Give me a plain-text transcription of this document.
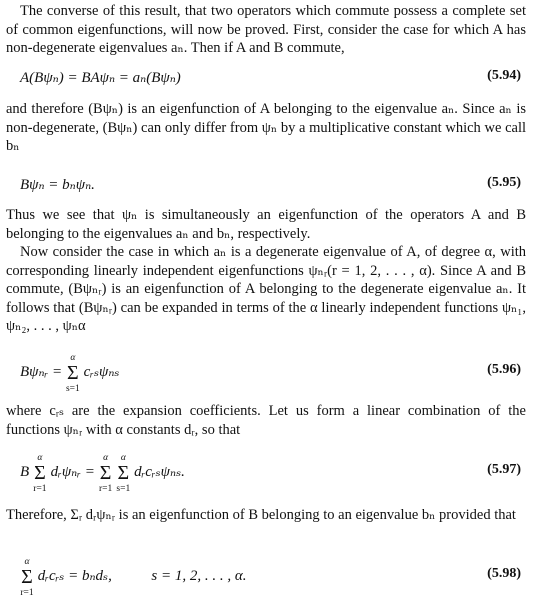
The converse of this result, that two operators which commute possess a complete set of common eigenfunctions, will now be proved. First, consider the case for which A has non-degenerate eigenvalues aₙ. Then if A and B commute,
A(Bψₙ) = BAψₙ = aₙ(Bψₙ)	(5.94)
and therefore (Bψₙ) is an eigenfunction of A belonging to the eigenvalue aₙ. Since aₙ is non-degenerate, (Bψₙ) can only differ from ψₙ by a multiplicative constant which we call bₙ
Bψₙ = bₙψₙ.	(5.95)
Thus we see that ψₙ is simultaneously an eigenfunction of the operators A and B belonging to the eigenvalues aₙ and bₙ, respectively.
Now consider the case in which aₙ is a degenerate eigenvalue of A, of degree α, with corresponding linearly independent eigenfunctions ψₙᵣ(r = 1, 2, . . . , α). Since A and B commute, (Bψₙᵣ) is an eigenfunction of A belonging to the degenerate eigenvalue aₙ. It follows that (Bψₙᵣ) can be expanded in terms of the α linearly independent functions ψₙ₁, ψₙ₂, . . . , ψₙα
Bψₙᵣ = Σ
α
s=1
cᵣₛψₙₛ	(5.96)
where cᵣₛ are the expansion coefficients. Let us form a linear combination of the functions ψₙᵣ with α constants dᵣ, so that
B Σ
α
r=1
dᵣψₙᵣ = Σ
α
r=1
Σ
α
s=1
dᵣcᵣₛψₙₛ.	(5.97)
Therefore, Σᵣ dᵣψₙᵣ is an eigenfunction of B belonging to an eigenvalue bₙ provided that
Σ
α
r=1
dᵣcᵣₛ = bₙdₛ,	s = 1, 2, . . . , α.	(5.98)
